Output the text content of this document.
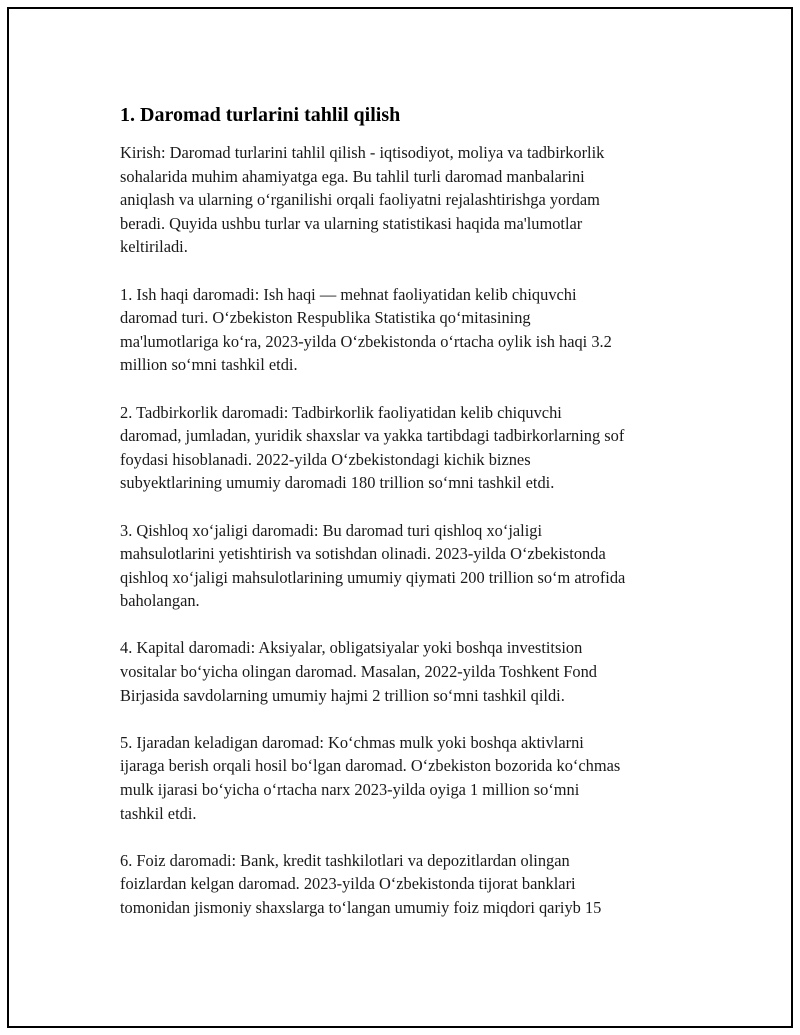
1. Daromad turlarini tahlil qilish
Kirish: Daromad turlarini tahlil qilish - iqtisodiyot, moliya va tadbirkorlik
sohalarida muhim ahamiyatga ega. Bu tahlil turli daromad manbalarini
aniqlash va ularning oʻrganilishi orqali faoliyatni rejalashtirishga yordam
beradi. Quyida ushbu turlar va ularning statistikasi haqida ma'lumotlar
keltiriladi.
1. Ish haqi daromadi: Ish haqi — mehnat faoliyatidan kelib chiquvchi
daromad turi. Oʻzbekiston Respublika Statistika qoʻmitasining
ma'lumotlariga koʻra, 2023-yilda Oʻzbekistonda oʻrtacha oylik ish haqi 3.2
million soʻmni tashkil etdi.
2. Tadbirkorlik daromadi: Tadbirkorlik faoliyatidan kelib chiquvchi
daromad, jumladan, yuridik shaxslar va yakka tartibdagi tadbirkorlarning sof
foydasi hisoblanadi. 2022-yilda Oʻzbekistondagi kichik biznes
subyektlarining umumiy daromadi 180 trillion soʻmni tashkil etdi.
3. Qishloq xoʻjaligi daromadi: Bu daromad turi qishloq xoʻjaligi
mahsulotlarini yetishtirish va sotishdan olinadi. 2023-yilda Oʻzbekistonda
qishloq xoʻjaligi mahsulotlarining umumiy qiymati 200 trillion soʻm atrofida
baholangan.
4. Kapital daromadi: Aksiyalar, obligatsiyalar yoki boshqa investitsion
vositalar boʻyicha olingan daromad. Masalan, 2022-yilda Toshkent Fond
Birjasida savdolarning umumiy hajmi 2 trillion soʻmni tashkil qildi.
5. Ijaradan keladigan daromad: Koʻchmas mulk yoki boshqa aktivlarni
ijaraga berish orqali hosil boʻlgan daromad. Oʻzbekiston bozorida koʻchmas
mulk ijarasi boʻyicha oʻrtacha narx 2023-yilda oyiga 1 million soʻmni
tashkil etdi.
6. Foiz daromadi: Bank, kredit tashkilotlari va depozitlardan olingan
foizlardan kelgan daromad. 2023-yilda Oʻzbekistonda tijorat banklari
tomonidan jismoniy shaxslarga toʻlangan umumiy foiz miqdori qariyb 15
